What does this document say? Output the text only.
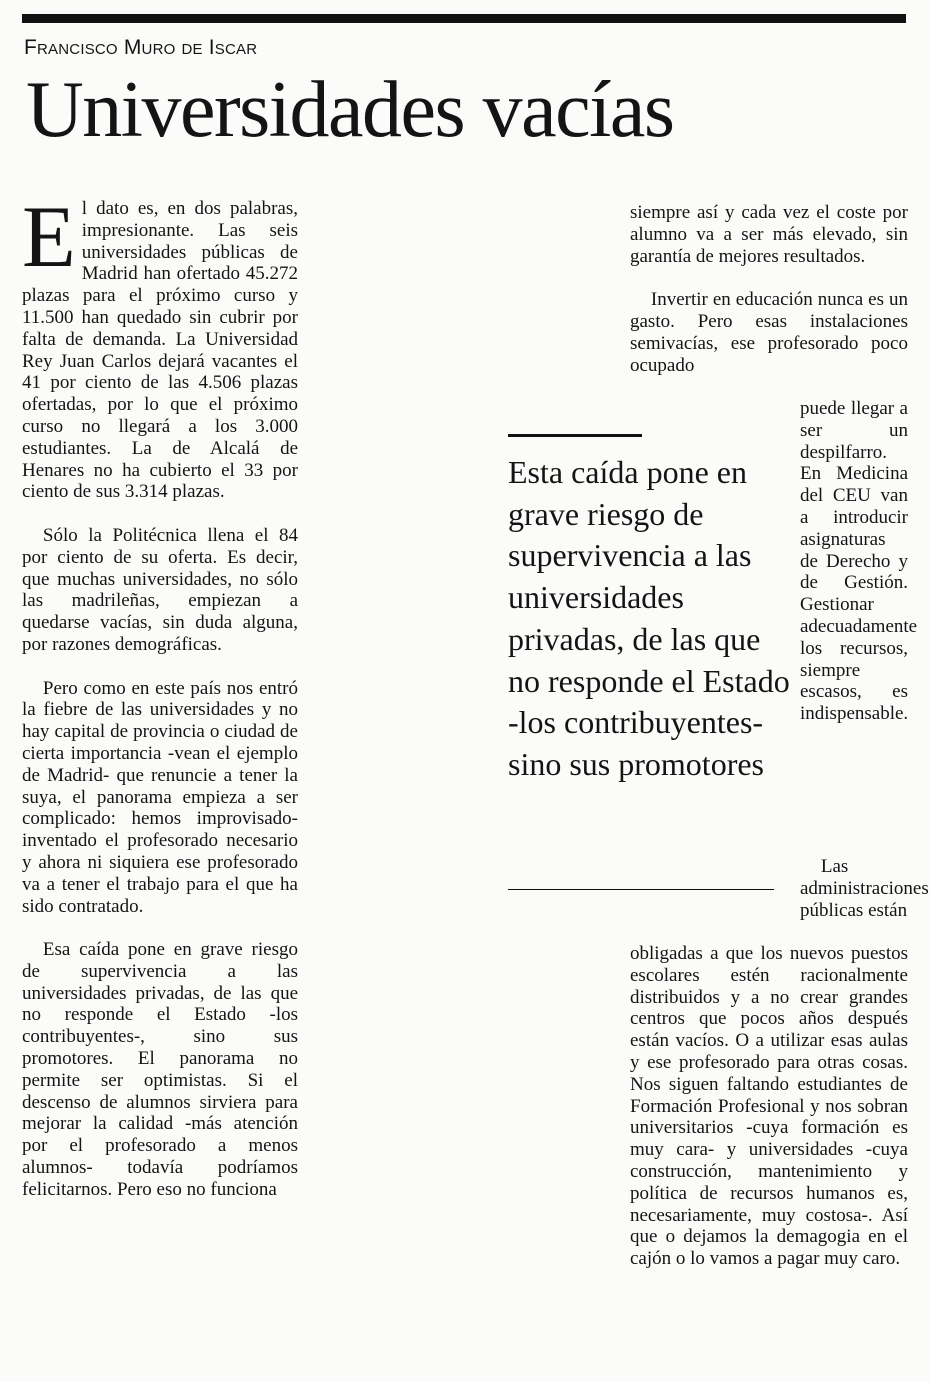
Francisco Muro de Iscar
Universidades vacías

El dato es, en dos palabras, impresionante. Las seis universidades públicas de Madrid han ofertado 45.272 plazas para el próximo curso y 11.500 han quedado sin cubrir por falta de demanda. La Universidad Rey Juan Carlos dejará vacantes el 41 por ciento de las 4.506 plazas ofertadas, por lo que el próximo curso no llegará a los 3.000 estudiantes. La de Alcalá de Henares no ha cubierto el 33 por ciento de sus 3.314 plazas.

Sólo la Politécnica llena el 84 por ciento de su oferta. Es decir, que muchas universidades, no sólo las madrileñas, empiezan a quedarse vacías, sin duda alguna, por razones demográficas.

Pero como en este país nos entró la fiebre de las universidades y no hay capital de provincia o ciudad de cierta importancia -vean el ejemplo de Madrid- que renuncie a tener la suya, el panorama empieza a ser complicado: hemos improvisado-inventado el profesorado necesario y ahora ni siquiera ese profesorado va a tener el trabajo para el que ha sido contratado.

Esa caída pone en grave riesgo de supervivencia a las universidades privadas, de las que no responde el Estado -los contribuyentes-, sino sus promotores. El panorama no permite ser optimistas. Si el descenso de alumnos sirviera para mejorar la calidad -más atención por el profesorado a menos alumnos- todavía podríamos felicitarnos. Pero eso no funciona

siempre así y cada vez el coste por alumno va a ser más elevado, sin garantía de mejores resultados.

Invertir en educación nunca es un gasto. Pero esas instalaciones semivacías, ese profesorado poco ocupado

puede llegar a ser un despilfarro. En Medicina del CEU van a introducir asignaturas de Derecho y de Gestión. Gestionar adecuadamente los recursos, siempre escasos, es indispensable.
Las administraciones públicas están

obligadas a que los nuevos puestos escolares estén racionalmente distribuidos y a no crear grandes centros que pocos años después están vacíos. O a utilizar esas aulas y ese profesorado para otras cosas. Nos siguen faltando estudiantes de Formación Profesional y nos sobran universitarios -cuya formación es muy cara- y universidades -cuya construcción, mantenimiento y política de recursos humanos es, necesariamente, muy costosa-. Así que o dejamos la demagogia en el cajón o lo vamos a pagar muy caro.

Esta caída pone en grave riesgo de supervivencia a las universidades privadas, de las que no responde el Estado -los contribuyentes- sino sus promotores
